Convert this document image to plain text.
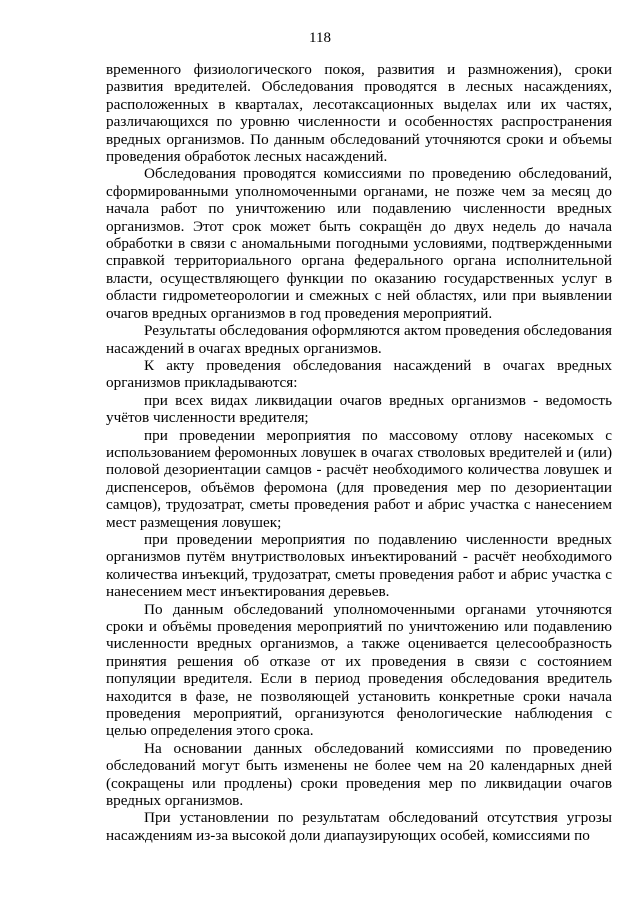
118

временного физиологического покоя, развития и размножения), сроки развития вредителей. Обследования проводятся в лесных насаждениях, расположенных в кварталах, лесотаксационных выделах или их частях, различающихся по уровню численности и особенностях распространения вредных организмов. По данным обследований уточняются сроки и объемы проведения обработок лесных насаждений.

Обследования проводятся комиссиями по проведению обследований, сформированными уполномоченными органами, не позже чем за месяц до начала работ по уничтожению или подавлению численности вредных организмов. Этот срок может быть сокращён до двух недель до начала обработки в связи с аномальными погодными условиями, подтвержденными справкой территориального органа федерального органа исполнительной власти, осуществляющего функции по оказанию государственных услуг в области гидрометеорологии и смежных с ней областях, или при выявлении очагов вредных организмов в год проведения мероприятий.

Результаты обследования оформляются актом проведения обследования насаждений в очагах вредных организмов.

К акту проведения обследования насаждений в очагах вредных организмов прикладываются:

при всех видах ликвидации очагов вредных организмов - ведомость учётов численности вредителя;

при проведении мероприятия по массовому отлову насекомых с использованием феромонных ловушек в очагах стволовых вредителей и (или) половой дезориентации самцов - расчёт необходимого количества ловушек и диспенсеров, объёмов феромона (для проведения мер по дезориентации самцов), трудозатрат, сметы проведения работ и абрис участка с нанесением мест размещения ловушек;

при проведении мероприятия по подавлению численности вредных организмов путём внутриствoловых инъектирований - расчёт необходимого количества инъекций, трудозатрат, сметы проведения работ и абрис участка с нанесением мест инъектирования деревьев.

По данным обследований уполномоченными органами уточняются сроки и объёмы проведения мероприятий по уничтожению или подавлению численности вредных организмов, а также оценивается целесообразность принятия решения об отказе от их проведения в связи с состоянием популяции вредителя. Если в период проведения обследования вредитель находится в фазе, не позволяющей установить конкретные сроки начала проведения мероприятий, организуются фенологические наблюдения с целью определения этого срока.

На основании данных обследований комиссиями по проведению обследований могут быть изменены не более чем на 20 календарных дней (сокращены или продлены) сроки проведения мер по ликвидации очагов вредных организмов.

При установлении по результатам обследований отсутствия угрозы насаждениям из-за высокой доли диапаузирующих особей, комиссиями по
